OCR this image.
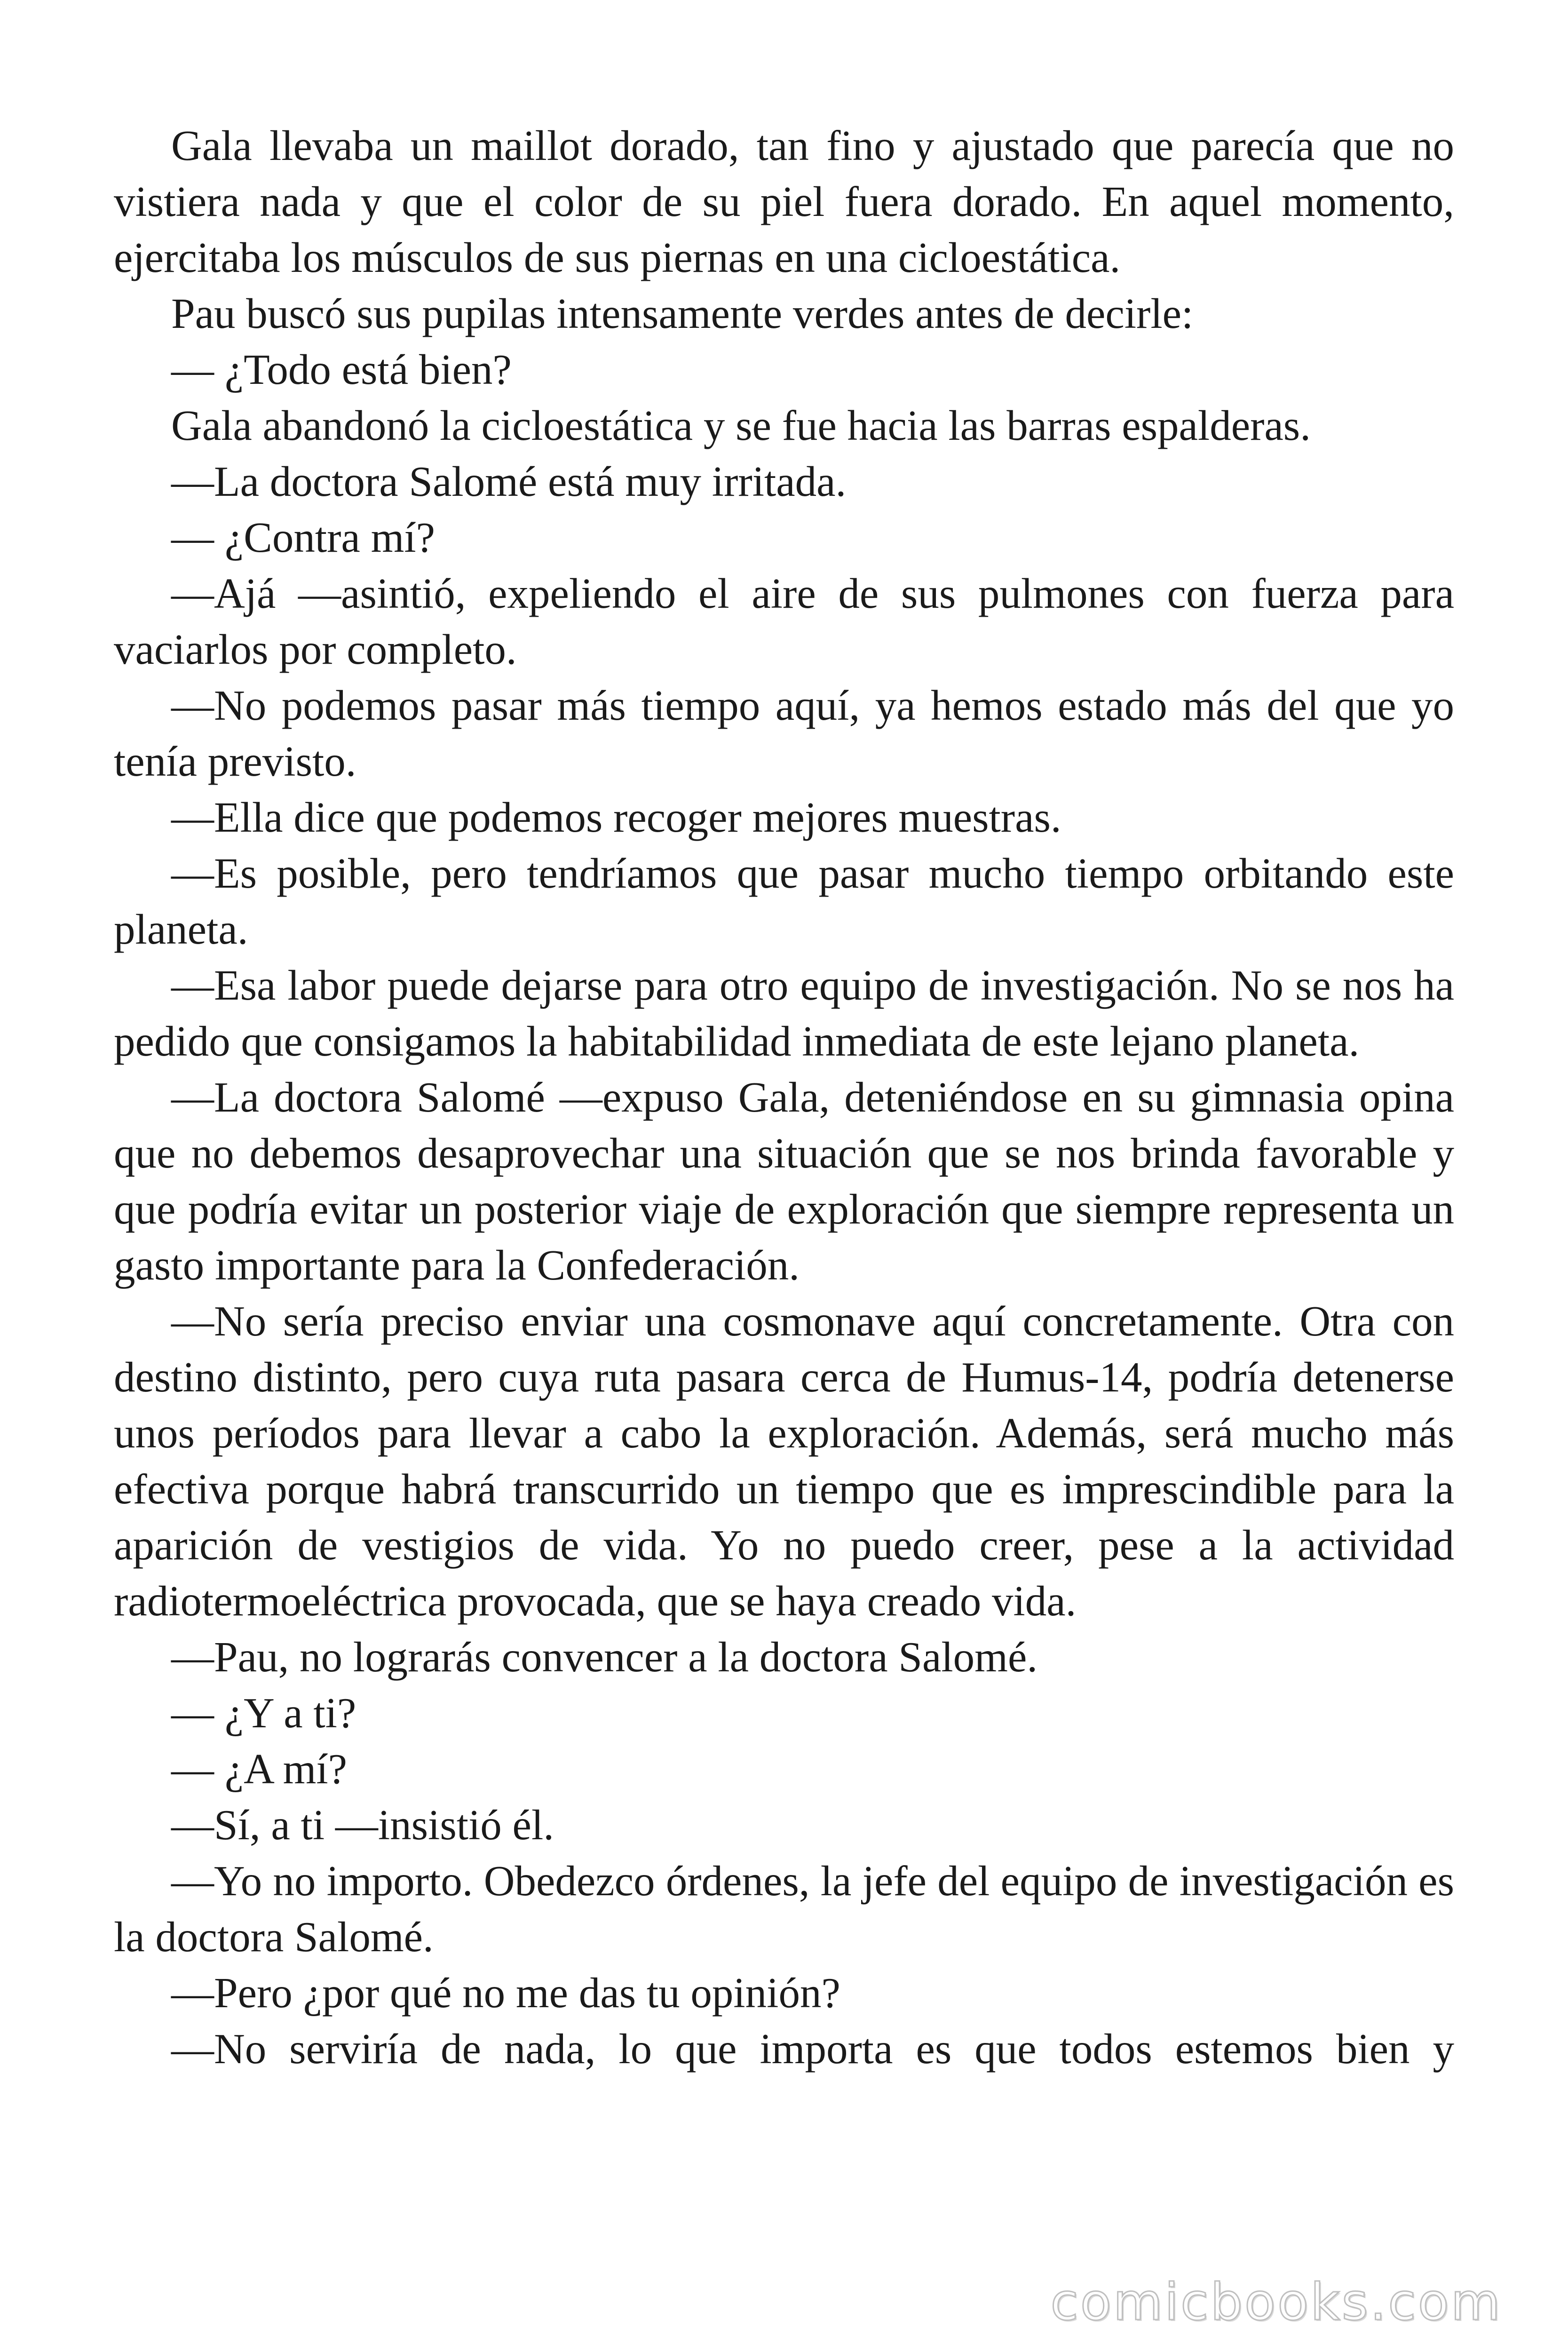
Gala llevaba un maillot dorado, tan fino y ajustado que parecía que no vistiera nada y que el color de su piel fuera dorado. En aquel momento, ejercitaba los músculos de sus piernas en una cicloestática.

Pau buscó sus pupilas intensamente verdes antes de decirle:

— ¿Todo está bien?

Gala abandonó la cicloestática y se fue hacia las barras espalderas.

—La doctora Salomé está muy irritada.

— ¿Contra mí?

—Ajá —asintió, expeliendo el aire de sus pulmones con fuerza para vaciarlos por completo.

—No podemos pasar más tiempo aquí, ya hemos estado más del que yo tenía previsto.

—Ella dice que podemos recoger mejores muestras.

—Es posible, pero tendríamos que pasar mucho tiempo orbitando este planeta.

—Esa labor puede dejarse para otro equipo de investigación. No se nos ha pedido que consigamos la habitabilidad inmediata de este lejano planeta.

—La doctora Salomé —expuso Gala, deteniéndose en su gimnasia opina que no debemos desaprovechar una situación que se nos brinda favorable y que podría evitar un posterior viaje de exploración que siempre representa un gasto importante para la Confederación.

—No sería preciso enviar una cosmonave aquí concretamente. Otra con destino distinto, pero cuya ruta pasara cerca de Humus-14, podría detenerse unos períodos para llevar a cabo la exploración. Además, será mucho más efectiva porque habrá transcurrido un tiempo que es imprescindible para la aparición de vestigios de vida. Yo no puedo creer, pese a la actividad radiotermoeléctrica provocada, que se haya creado vida.

—Pau, no lograrás convencer a la doctora Salomé.

— ¿Y a ti?

— ¿A mí?

—Sí, a ti —insistió él.

—Yo no importo. Obedezco órdenes, la jefe del equipo de investigación es la doctora Salomé.

—Pero ¿por qué no me das tu opinión?

—No serviría de nada, lo que importa es que todos estemos bien y

comicbooks.com
